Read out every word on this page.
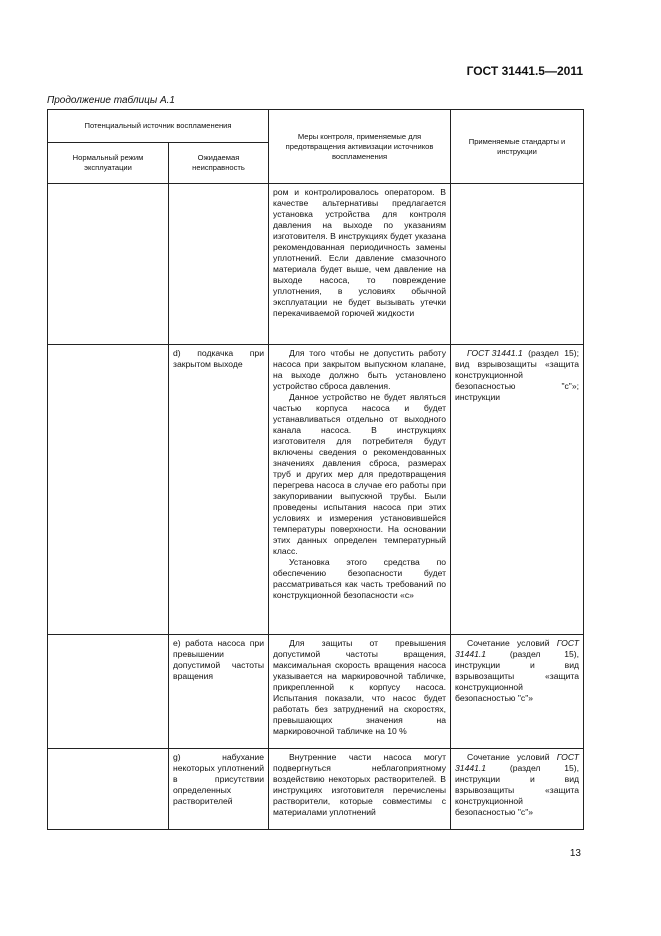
ГОСТ 31441.5—2011
Продолжение таблицы А.1
Потенциальный источник воспламенения		Меры контроля, применяемые для предотвращения активизации источников воспламенения	Применяемые стандарты и инструкции
Нормальный режим эксплуатации	Ожидаемая неисправность		

		ром и контролировалось оператором. В качестве альтернативы предлагается установка устройства для контроля давления на выходе по указаниям изготовителя. В инструкциях будет указана рекомендованная периодичность замены уплотнений. Если давление смазочного материала будет выше, чем давление на выходе насоса, то повреждение уплотнения, в условиях обычной эксплуатации не будет вызывать утечки перекачиваемой горючей жидкости	

	d) подкачка при закрытом выходе	Для того чтобы не допустить работу насоса при закрытом выпускном клапане, на выходе должно быть установлено устройство сброса давления.

Данное устройство не будет являться частью корпуса насоса и будет устанавливаться отдельно от выходного канала насоса. В инструкциях изготовителя для потребителя будут включены сведения о рекомендованных значениях давления сброса, размерах труб и других мер для предотвращения перегрева насоса в случае его работы при закупоривании выпускной трубы. Были проведены испытания насоса при этих условиях и измерения установившейся температуры поверхности. На основании этих данных определен температурный класс.

Установка этого средства по обеспечению безопасности будет рассматриваться как часть требований по конструкционной безопасности «с»	ГОСТ 31441.1 (раздел 15); вид взрывозащиты «защита конструкционной безопасностью "с"»; инструкции
	e) работа насоса при превышении допустимой частоты вращения	Для защиты от превышения допустимой частоты вращения, максимальная скорость вращения насоса указывается на маркировочной табличке, прикрепленной к корпусу насоса. Испытания показали, что насос будет работать без затруднений на скоростях, превышающих значения на маркировочной табличке на 10 %	Сочетание условий ГОСТ 31441.1 (раздел 15), инструкции и вид взрывозащиты «защита конструкционной безопасностью "с"»
	g) набухание некоторых уплотнений в присутствии определенных растворителей	Внутренние части насоса могут подвергнуться неблагоприятному воздействию некоторых растворителей. В инструкциях изготовителя перечислены растворители, которые совместимы с материалами уплотнений	Сочетание условий ГОСТ 31441.1 (раздел 15), инструкции и вид взрывозащиты «защита конструкционной безопасностью "с"»
13
